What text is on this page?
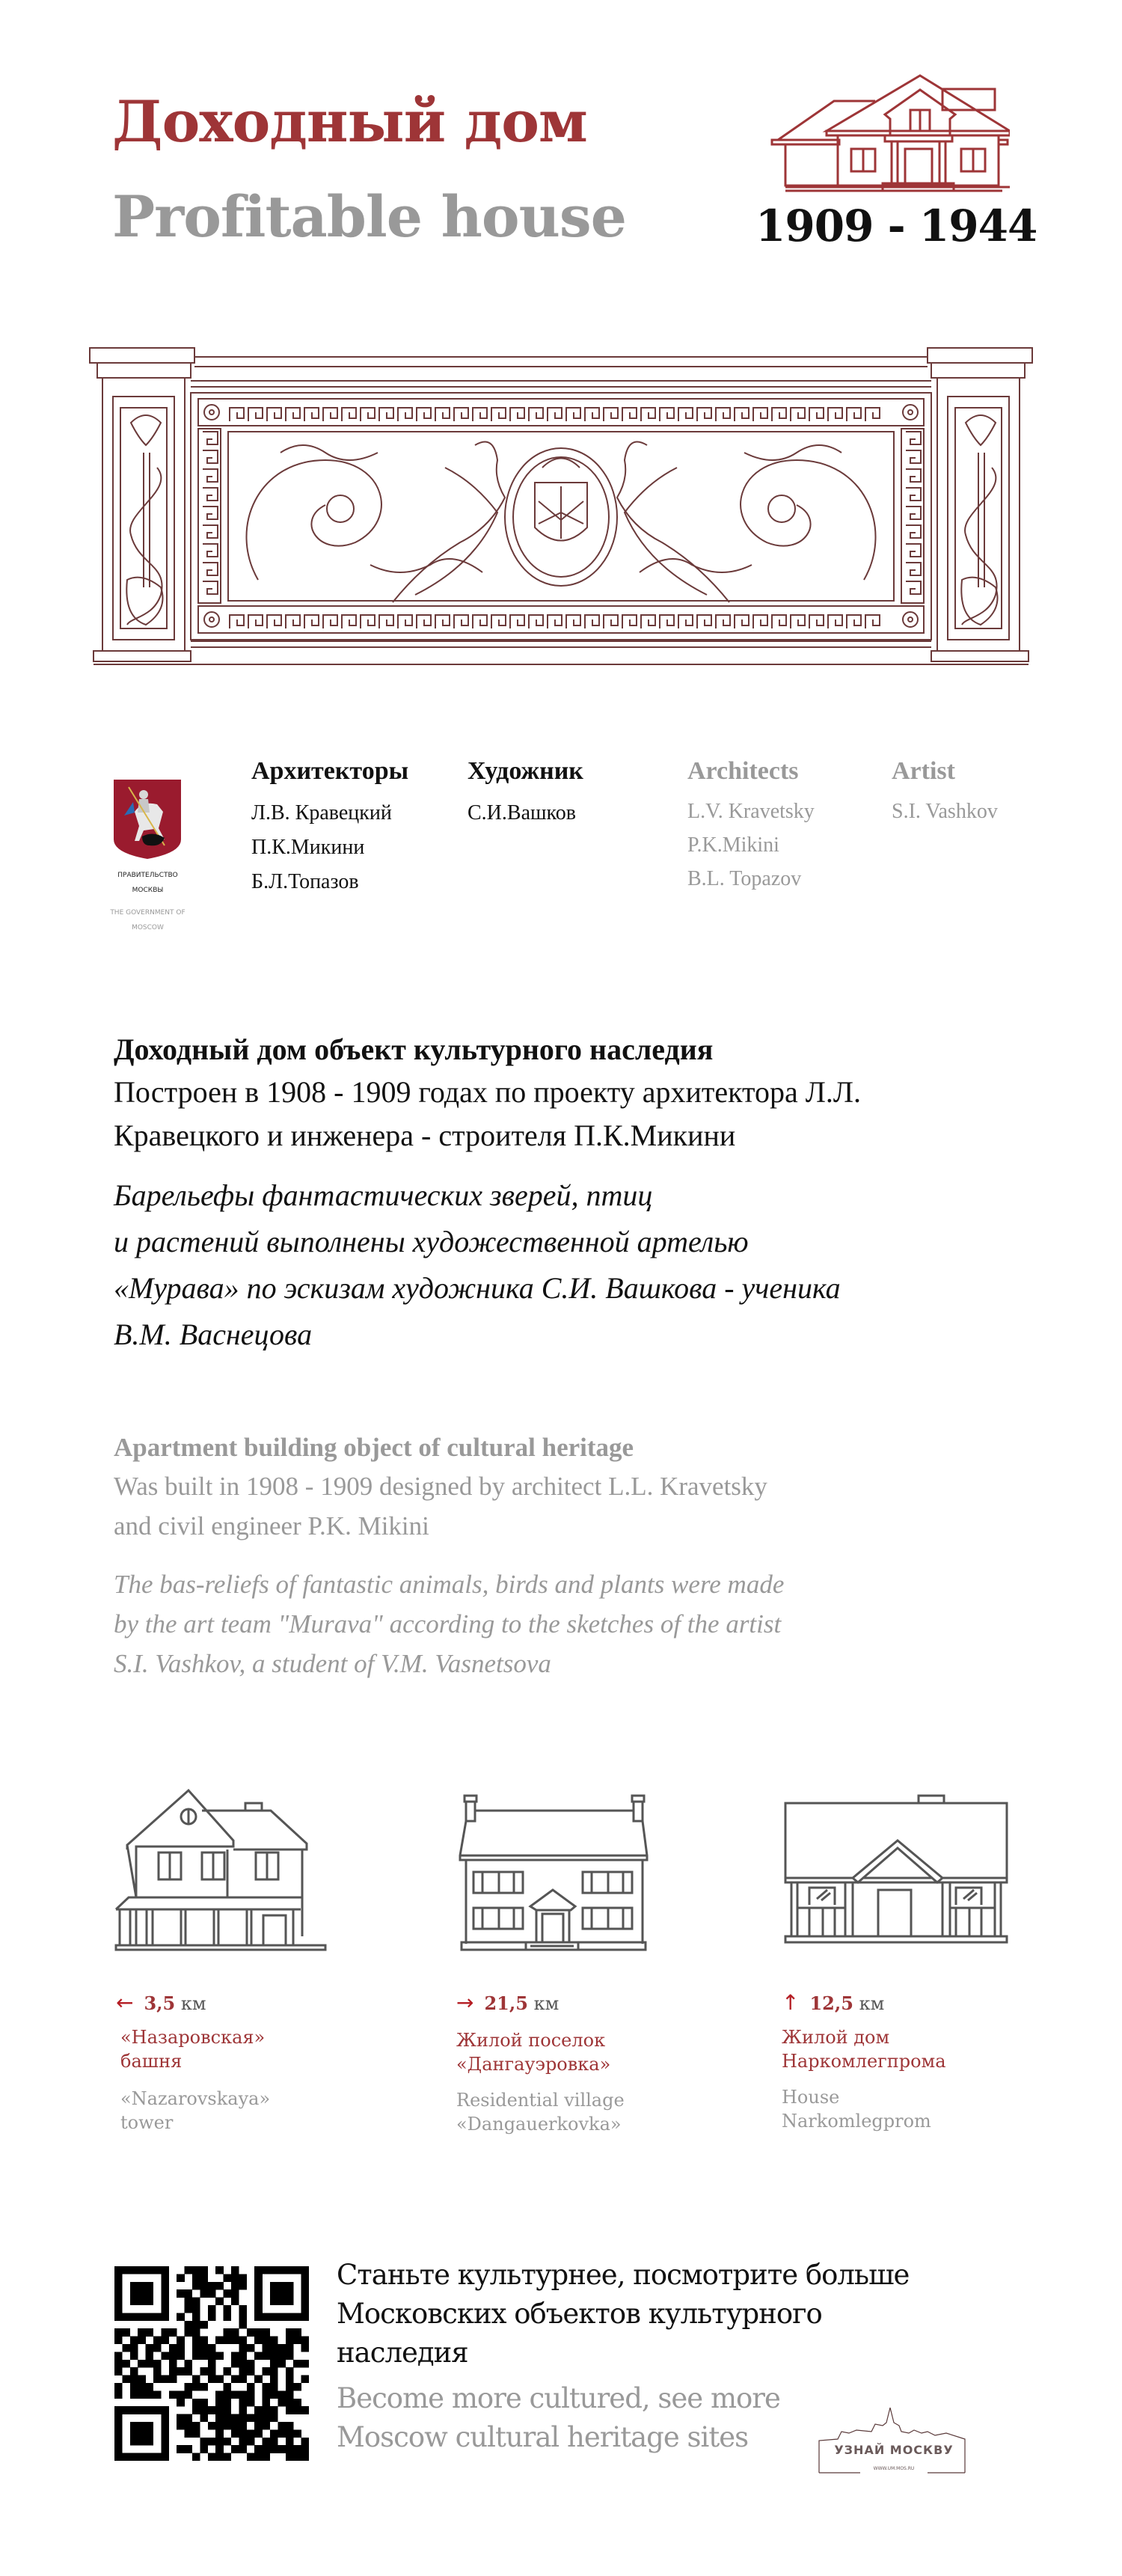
Доходный дом
Profitable house	1909 - 1944
ПРАВИТЕЛЬСТВО
МОСКВЫ
THE GOVERNMENT OF
MOSCOW
Архитекторы
Л.В. Кравецкий
П.К.Микини
Б.Л.Топазов
Художник
С.И.Вашков
Architects
L.V. Kravetsky
P.K.Mikini
B.L. Topazov
Artist
S.I. Vashkov
Доходный дом объект культурного наследия
Построен в 1908 - 1909 годах по проекту архитектора Л.Л.
Кравецкого и инженера - строителя П.К.Микини
Барельефы фантастических зверей, птиц
и растений выполнены художественной артелью
«Мурава» по эскизам художника С.И. Вашкова - ученика
В.М. Васнецова
Apartment building object of cultural heritage
Was built in 1908 - 1909 designed by architect L.L. Kravetsky
and civil engineer P.K. Mikini
The bas-reliefs of fantastic animals, birds and plants were made
by the art team "Murava" according to the sketches of the artist
S.I. Vashkov, a student of V.M. Vasnetsova
← 3,5 км
«Назаровская»
башня
«Nazarovskaya»
tower
→ 21,5 км
Жилой поселок
«Дангауэровка»
Residential village
«Dangauerkovka»
↑ 12,5 км
Жилой дом
Наркомлегпрома
House
Narkomlegprom
Станьте культурнее, посмотрите больше
Московских объектов культурного
наследия
Become more cultured, see more
Moscow cultural heritage sites	УЗНАЙ МОСКВУ
WWW.UM.MOS.RU
